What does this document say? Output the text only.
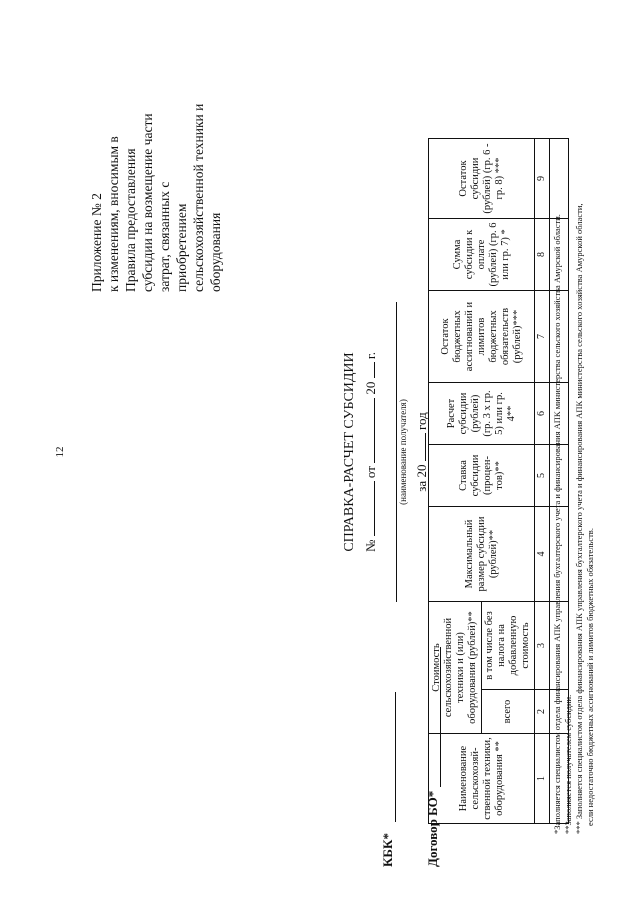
12
Приложение № 2 к изменениям, вносимым в Правила предоставления субсидии на возмещение части затрат, связанных с приобретением сельскохозяйственной техники и оборудования
КБК* Договор БО*
СПРАВКА-РАСЧЕТ СУБСИДИИ №  от  20  г.
(наименование получателя) за 20  год
Наименование сельскохозяй-ственной техники, оборудования **	Стоимость сельскохозяйственной техники и (или) оборудования (рублей)**		Максимальный размер субсидии (рублей)**	Ставка субсидии (процен-тов)**	Расчет субсидии (рублей) (гр. 3 х гр. 5) или гр. 4**	Остаток бюджетных ассигнований и лимитов бюджетных обязательств (рублей)***	Сумма субсидии к оплате (рублей) (гр. 6 или гр. 7) *	Остаток субсидии (рублей) (гр. 6 - гр. 8) ***
	всего	в том числе без налога на добавленную стоимость						
1	2	3	4	5	6	7	8	9

*Заполняется специалистом отдела финансирования АПК управления бухгалтерского учета и финансирования АПК министерства сельского хозяйства Амурской области. **Заполняется получателем субсидии. *** Заполняется специалистом отдела финансирования АПК управления бухгалтерского учета и финансирования АПК министерства сельского хозяйства Амурской области, если недостаточно бюджетных ассигнований и лимитов бюджетных обязательств.
